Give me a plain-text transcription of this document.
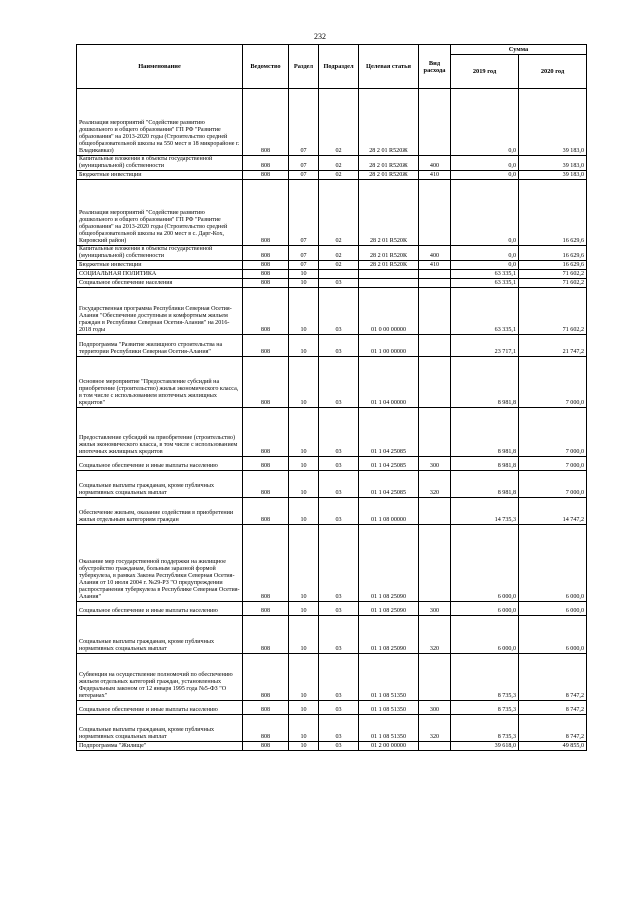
232
Наименование	Ведомство	Раздел	Подраздел	Целевая статья	Вид расхода	Сумма	
						2019 год	2020 год
Реализация мероприятий "Содействие развитию дошкольного и общего образования" ГП РФ "Развитие образования" на 2013-2020 годы (Строительство средней общеобразовательной школы на 550 мест в 18 микрорайоне г. Владикавказ)	808	07	02	28 2 01 R520Ж		0,0	39 183,0
Капитальные вложения в объекты государственной (муниципальной) собственности	808	07	02	28 2 01 R520Ж	400	0,0	39 183,0
Бюджетные инвестиции	808	07	02	28 2 01 R520Ж	410	0,0	39 183,0
Реализация мероприятий "Содействие развитию дошкольного и общего образования" ГП РФ "Развитие образования" на 2013-2020 годы (Строительство средней общеобразовательной школы на 200 мест в с. Дарг-Кох, Кировский район)	808	07	02	28 2 01 R520К		0,0	16 629,6
Капитальные вложения в объекты государственной (муниципальной) собственности	808	07	02	28 2 01 R520К	400	0,0	16 629,6
Бюджетные инвестиции	808	07	02	28 2 01 R520К	410	0,0	16 629,6
СОЦИАЛЬНАЯ ПОЛИТИКА	808	10				63 335,1	71 602,2
Социальное обеспечение населения	808	10	03			63 335,1	71 602,2
Государственная программа Республики Северная Осетия-Алания "Обеспечение доступным и комфортным жильем граждан в Республике Северная Осетия-Алания" на 2016-2018 годы	808	10	03	01 0 00 00000		63 335,1	71 602,2
Подпрограмма "Развитие жилищного строительства на территории Республики Северная Осетия-Алания"	808	10	03	01 1 00 00000		23 717,1	21 747,2
Основное мероприятие "Предоставление субсидий на приобретение (строительство) жилья экономического класса, в том числе с использованием ипотечных жилищных кредитов"	808	10	03	01 1 04 00000		8 981,8	7 000,0
Предоставление субсидий на приобретение (строительство) жилья экономического класса, в том числе с использованием ипотечных жилищных кредитов	808	10	03	01 1 04 25085		8 981,8	7 000,0
Социальное обеспечение и иные выплаты населению	808	10	03	01 1 04 25085	300	8 981,8	7 000,0
Социальные выплаты гражданам, кроме публичных нормативных социальных выплат	808	10	03	01 1 04 25085	320	8 981,8	7 000,0
Обеспечение жильем, оказание содействия в приобретении жилья отдельным категориям граждан	808	10	03	01 1 08 00000		14 735,3	14 747,2
Оказание мер государственной поддержки на жилищное обустройство гражданам, больным заразной формой туберкулеза, в рамках Закона Республики Северная Осетия-Алания от 10 июля 2004 г. №29-РЗ "О предупреждении распространения туберкулеза в Республике Северная Осетия-Алания"	808	10	03	01 1 08 25090		6 000,0	6 000,0
Социальное обеспечение и иные выплаты населению	808	10	03	01 1 08 25090	300	6 000,0	6 000,0
Социальные выплаты гражданам, кроме публичных нормативных социальных выплат	808	10	03	01 1 08 25090	320	6 000,0	6 000,0
Субвенция на осуществление полномочий по обеспечению жильем отдельных категорий граждан, установленных Федеральным законом от 12 января 1995 года №5-ФЗ "О ветеранах"	808	10	03	01 1 08 51350		8 735,3	8 747,2
Социальное обеспечение и иные выплаты населению	808	10	03	01 1 08 51350	300	8 735,3	8 747,2
Социальные выплаты гражданам, кроме публичных нормативных социальных выплат	808	10	03	01 1 08 51350	320	8 735,3	8 747,2
Подпрограмма "Жилище"	808	10	03	01 2 00 00000		39 618,0	49 855,0
